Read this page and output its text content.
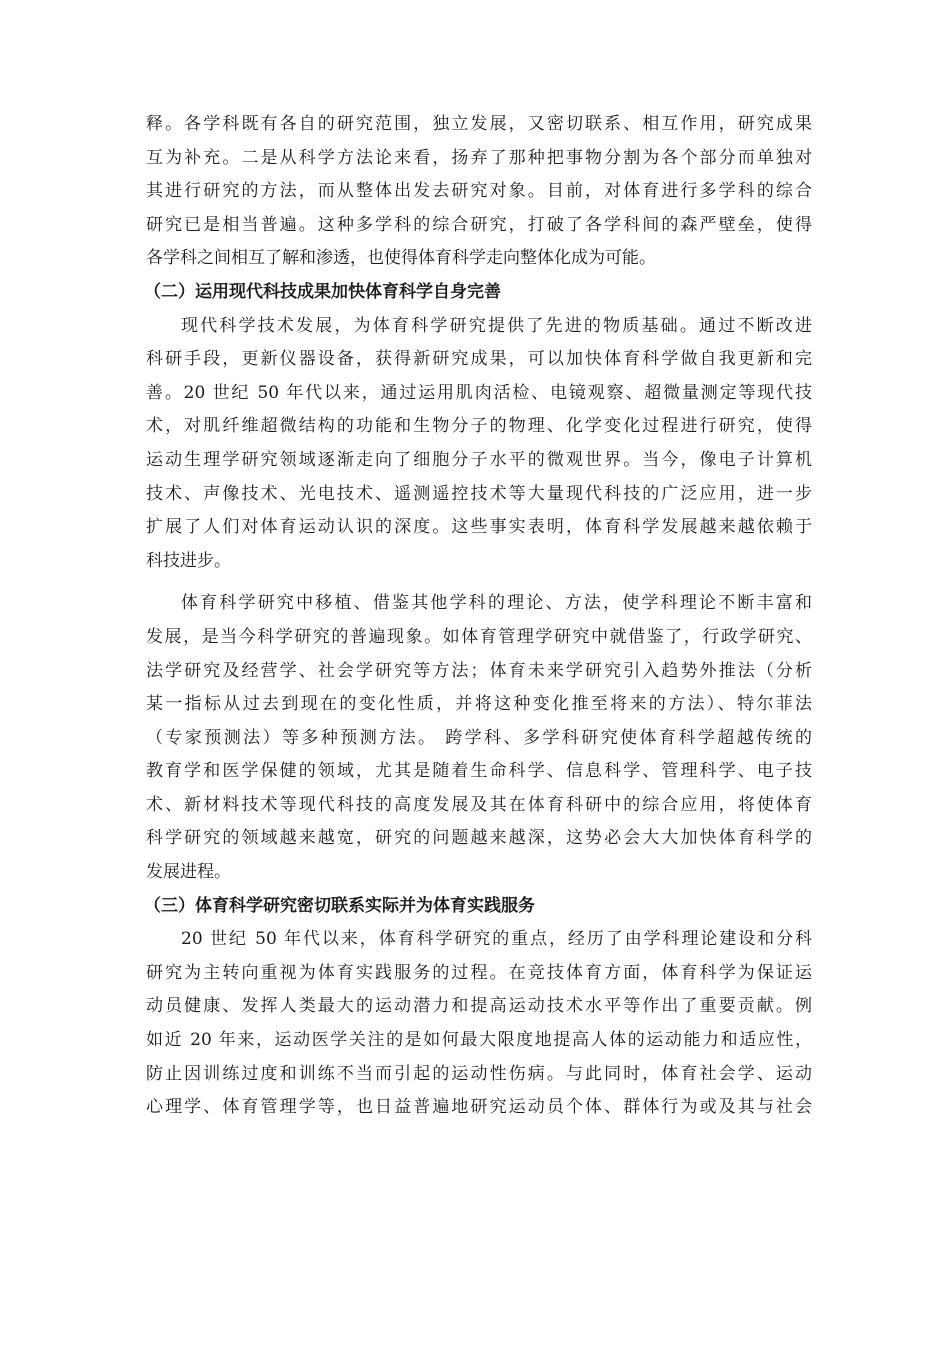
释。各学科既有各自的研究范围，独立发展，又密切联系、相互作用，研究成果
互为补充。二是从科学方法论来看，扬弃了那种把事物分割为各个部分而单独对
其进行研究的方法，而从整体出发去研究对象。目前，对体育进行多学科的综合
研究已是相当普遍。这种多学科的综合研究，打破了各学科间的森严壁垒，使得
各学科之间相互了解和渗透，也使得体育科学走向整体化成为可能。
（二）运用现代科技成果加快体育科学自身完善
现代科学技术发展，为体育科学研究提供了先进的物质基础。通过不断改进
科研手段，更新仪器设备，获得新研究成果，可以加快体育科学做自我更新和完
善。20 世纪 50 年代以来，通过运用肌肉活检、电镜观察、超微量测定等现代技
术，对肌纤维超微结构的功能和生物分子的物理、化学变化过程进行研究，使得
运动生理学研究领域逐渐走向了细胞分子水平的微观世界。当今，像电子计算机
技术、声像技术、光电技术、遥测遥控技术等大量现代科技的广泛应用，进一步
扩展了人们对体育运动认识的深度。这些事实表明，体育科学发展越来越依赖于
科技进步。
体育科学研究中移植、借鉴其他学科的理论、方法，使学科理论不断丰富和
发展，是当今科学研究的普遍现象。如体育管理学研究中就借鉴了，行政学研究、
法学研究及经营学、社会学研究等方法；体育未来学研究引入趋势外推法（分析
某一指标从过去到现在的变化性质，并将这种变化推至将来的方法）、特尔菲法
（专家预测法）等多种预测方法。 跨学科、多学科研究使体育科学超越传统的
教育学和医学保健的领域，尤其是随着生命科学、信息科学、管理科学、电子技
术、新材料技术等现代科技的高度发展及其在体育科研中的综合应用，将使体育
科学研究的领域越来越宽，研究的问题越来越深，这势必会大大加快体育科学的
发展进程。
（三）体育科学研究密切联系实际并为体育实践服务
20 世纪 50 年代以来，体育科学研究的重点，经历了由学科理论建设和分科
研究为主转向重视为体育实践服务的过程。在竞技体育方面，体育科学为保证运
动员健康、发挥人类最大的运动潜力和提高运动技术水平等作出了重要贡献。例
如近 20 年来，运动医学关注的是如何最大限度地提高人体的运动能力和适应性，
防止因训练过度和训练不当而引起的运动性伤病。与此同时，体育社会学、运动
心理学、体育管理学等，也日益普遍地研究运动员个体、群体行为或及其与社会
